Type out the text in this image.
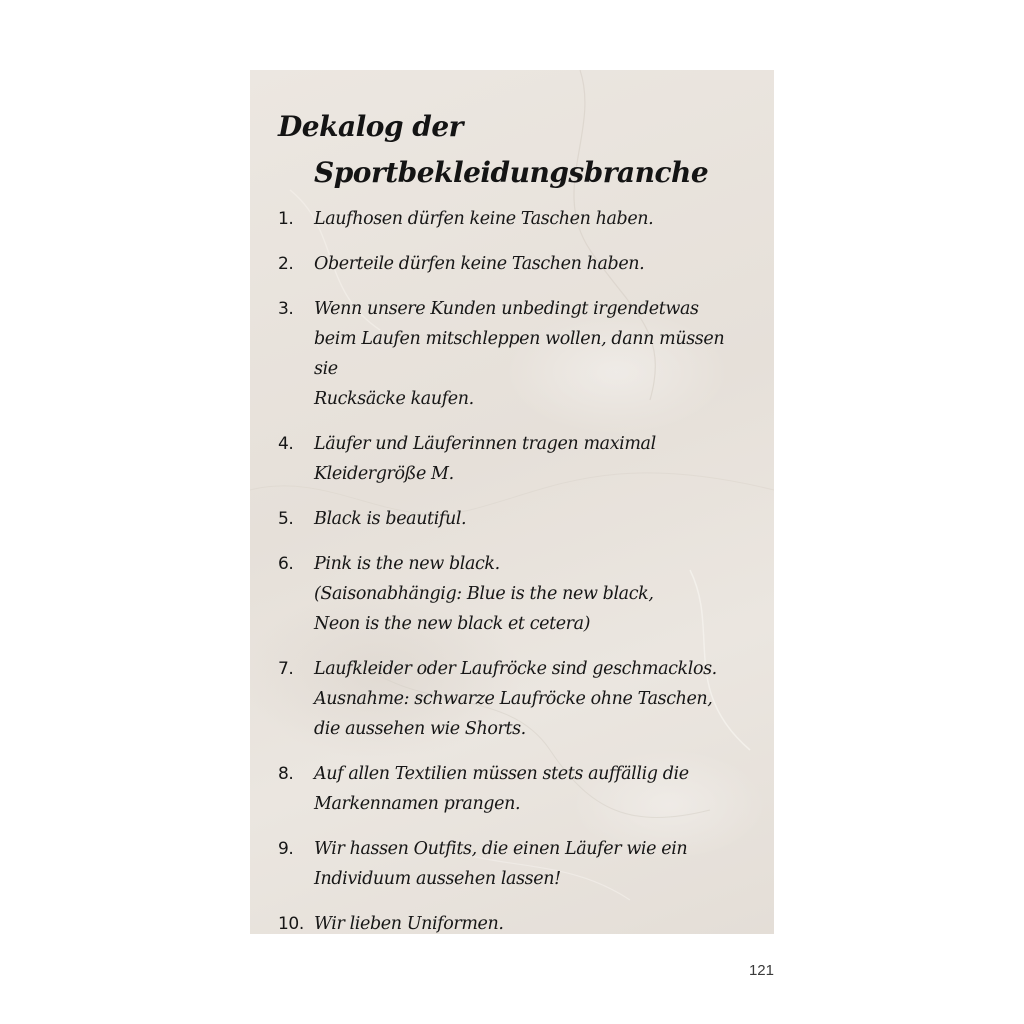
Dekalog der
Sportbekleidungsbranche
1.	Laufhosen dürfen keine Taschen haben.
2.	Oberteile dürfen keine Taschen haben.
3.	Wenn unsere Kunden unbedingt irgendetwas
beim Laufen mitschleppen wollen, dann müssen sie
Rucksäcke kaufen.
4.	Läufer und Läuferinnen tragen maximal
Kleidergröße M.
5.	Black is beautiful.
6.	Pink is the new black.
(Saisonabhängig: Blue is the new black,
Neon is the new black et cetera)
7.	Laufkleider oder Laufröcke sind geschmacklos.
Ausnahme: schwarze Laufröcke ohne Taschen,
die aussehen wie Shorts.
8.	Auf allen Textilien müssen stets auffällig die
Markennamen prangen.
9.	Wir hassen Outfits, die einen Läufer wie ein
Individuum aussehen lassen!
10. Wir lieben Uniformen.
121
